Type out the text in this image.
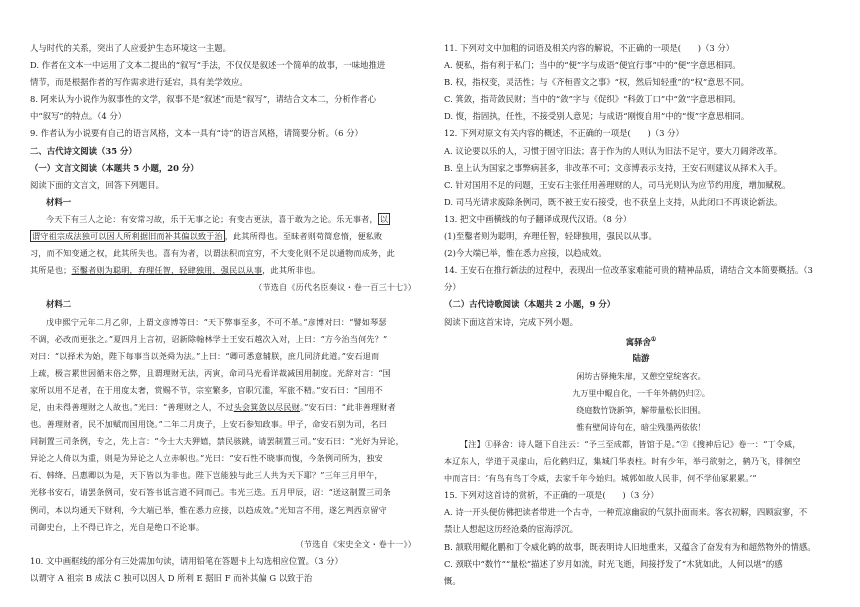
人与时代的关系，突出了人应爱护生态环境这一主题。
D. 作者在文本一中运用了文本二提出的“叙写”手法，不仅仅是叙述一个简单的故事，一味地推进
情节，而是根据作者的写作需求进行延宕，具有美学效应。
8. 阿来认为小说作为叙事性的文学，叙事不是“叙述”而是“叙写”，请结合文本二，分析作者心
中“叙写”的特点。（4 分）
9. 作者认为小说要有自己的语言风格，文本一具有“诗”的语言风格，请简要分析。（6 分）
二、古代诗文阅读（35 分）
（一）文言文阅读（本题共 5 小题，20 分）
阅读下面的文言文，回答下列题目。
材料一
今天下有三人之论：有安常习故，乐于无事之论；有变古更法，喜于敢为之论。乐无事者， 以
谓守祖宗成法独可以因人所利据旧而补其偏以致于治 ，此其所得也。至昧者则苟简怠惰，便私败
习，而不知变通之权，此其所失也。喜有为者，以谓法积而宜穷，不大变化则不足以通物而成务，此
其所是也；至鑿者则为聪明，弃理任智，轻肆独用，强民以从事，此其所非也。
（节选自《历代名臣奏议・卷一百三十七》）
材料二
戊申熙宁元年二月乙卯，上谓文彦博等曰：“天下弊事至多，不可不革。”彦博对曰：“譬如琴瑟
不调，必改而更张之。”夏四月上言初，诏新除翰林学士王安石越次入对，上曰：“方今治当何先？”
对曰：“以择术为始，陛下每事当以尧舜为法。”上曰：“卿可悉意辅朕，庶几同济此道。”安石退而
上疏，极言累世因循末俗之弊，且谓理财无法，丙寅，命司马光看详裁减国用制度。光辞对言：“国
家所以用不足者，在于用度太奢，赏赐不节，宗室繁多，官职冗滥，军旅不精。”安石曰：“国用不
足，由未得善理财之人故也。”光曰：“善理财之人，不过头会箕敛以尽民财。”安石曰：“此非善理财者
也。善理财者，民不加赋而国用饶。”二年二月庚子，上安石参知政事。甲子，命安石别为司，名曰
同制置三司条例，专之，先上言：“今士大夫狎嬉，禁民骇跳，请罢制置三司。”安石曰：“光好为异论，
异论之人倚以为重，则是为异论之人立赤帜也。”光曰：“安石性不晓事而愎，今条例司所为，独安
石、韩绛、吕惠卿以为是，天下皆以为非也。陛下岂能独与此三人共为天下耶？”三年三月甲午，
光移书安石，请罢条例司，安石答书诋言道不同而己。韦光三迭。五月甲辰，诏：“送这制置三司条
例司，本以均通天下财利，今大端已举，惟在悉力应接，以趋成效。”光知言不用，遂乞判西京留守
司御史台，上不得已许之，光自是绝口不论事。
（节选自《宋史全文・卷十一》）
10. 文中画框线的部分有三处需加句读，请用铅笔在答题卡上勾选相应位置。（3 分）
以谓守 A 祖宗 B 成法 C 独可以因人 D 所利 E 据旧 F 而补其偏 G 以致于治
11. 下列对文中加粗的词语及相关内容的解说，不正确的一项是(　　)（3 分）
A. 便私，指有利于私门；当中的“便”字与成语“便宜行事”中的“便”字意思相同。
B. 权，指权变，灵活性；与《齐桓晋文之事》“权，然后知轻重”的“权”意思不同。
C. 箕敛，指苛敛民财；当中的“敛”字与《促织》“科敛丁口”中“敛”字意思相同。
D. 愎，指固执，任性，不接受别人意见；与成语“刚愎自用”中的“愎”字意思相同。
12. 下列对原文有关内容的概述，不正确的一项是(　　)（3 分）
A. 议论要以乐的人，习惯于固守旧法；喜于作为的人则认为旧法不足守，要大刀阔斧改革。
B. 皇上认为国家之事弊病甚多，非改革不可；文彦博表示支持，王安石则建议从择术入手。
C. 针对国用不足的问题，王安石主张任用善理财的人，司马光则认为应节约用度，增加赋税。
D. 司马光请求废除条例司，既不被王安石接受，也不获皇上支持，从此闭口不再谈论新法。
13. 把文中画横线的句子翻译成现代汉语。（8 分）
(1)至鑿者则为聪明，弃理任智，轻肆独用，强民以从事。
(2)今大端已举，惟在悉力应接，以趋成效。
14. 王安石在推行新法的过程中，表现出一位改革家难能可贵的精神品质，请结合文本简要概括。（3
分）
（二）古代诗歌阅读（本题共 2 小题，9 分）
阅读下面这首宋诗，完成下列小题。
寓驿舍①
陆游
闲坊古驿掩朱扉，又憩空堂绽客衣。
九万里中鲲自化，一千年外鹤仍归②。
绕庭数竹饶新笋，解带量松长旧围。
惟有壁间诗句在，暗尘残墨两依依！
【注】①驿舍：诗人题下自注云：“予三至成都，皆馆于是。”②《搜神后记》卷一：“丁令威，
本辽东人，学道于灵虚山，后化鹤归辽，集城门华表柱。时有少年，举弓欲射之，鹤乃飞，徘徊空
中而言曰：‘有鸟有鸟丁令威，去家千年今始归。城郭如故人民非，何不学仙冢累累。’”
15. 下列对这首诗的赏析，不正确的一项是(　　)（3 分）
A. 诗一开头便仿佛把读者带进一个古寺，一种荒凉幽寂的气氛扑面而来。客衣初解，四顾寂寥，不
禁让人想起这历经沧桑的宦海浮沉。
B. 颔联用鲲化鹏和丁令威化鹤的故事，既表明诗人旧地重来，又蕴含了奋发有为和超然物外的情感。
C. 颈联中“数竹”“量松”描述了岁月如流，时光飞逝，间接抒发了“木犹如此，人何以堪”的感
慨。
